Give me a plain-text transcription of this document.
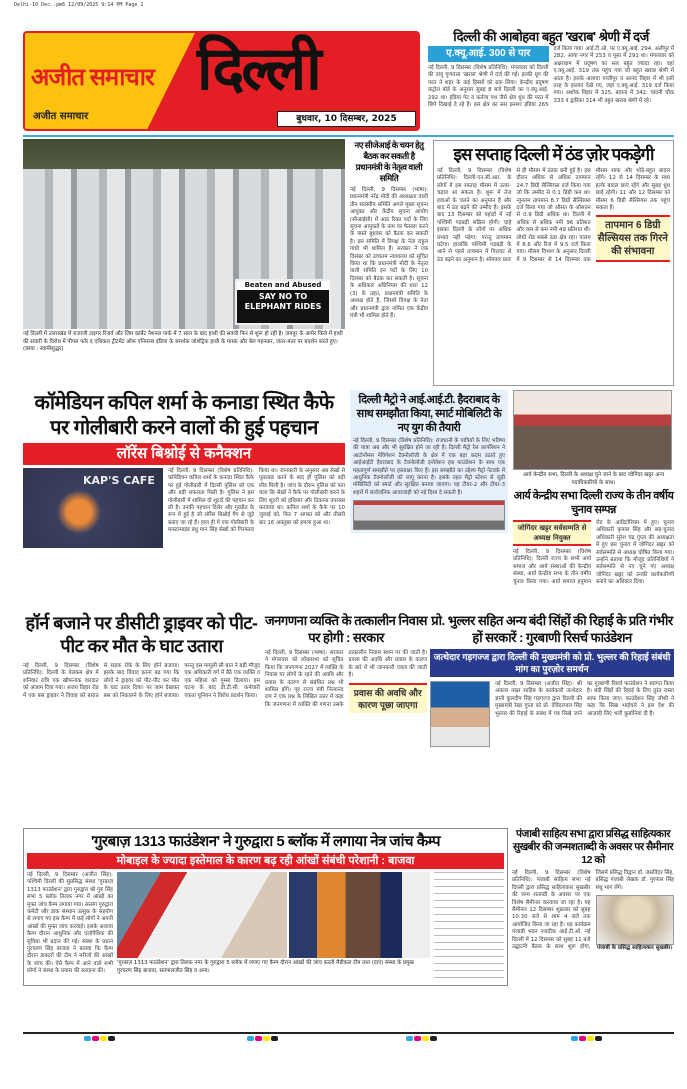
Delhi-10 Dec..pm6 12/09/2025 9:14 PM Page 1
अजीत समाचार
अजीत समाचार
दिल्ली
बुधवार, 10 दिसम्बर, 2025
दिल्ली की आबोहवा बहुत 'खराब' श्रेणी में दर्ज
ए.क्यू.आई. 300 से पार
नई दिल्ली, 9 दिसम्बर (विशेष प्रतिनिधि): मंगलवार को दिल्ली की वायु गुणवत्ता 'खराब' श्रेणी में दर्ज की गई। हल्की धूप की परत ने शहर के कई हिस्सों को ढक लिया। केन्द्रीय प्रदूषण कंट्रोल बोर्ड के अनुसार सुबह 8 बजे दिल्ली का ए.क्यू.आई. 292 था। इंडिया गेट व कर्तव्य पथ जैसे क्षेत्र धुंध की परत में छिपे दिखाई दे रहे हैं। इस क्षेत्र का स्तर क्रमशः इंडिया 265 दर्ज किया गया। आई.टी.ओ. पर ए.क्यू.आई. 294, अलीपुर में 282, आया नगर में 253 व पूसा में 291 था। मंगलवार को अक्षरधाम में प्रदूषण का स्तर बहुत ज्यादा रहा। वहां ए.क्यू.आई. 319 तक पहुंच गया जो बहुत खराब श्रेणी में आता है। इसके अलावा गाजीपुर व आनंद विहार में भी इसी तरह के हालात देखे गए, जहां ए.क्यू.आई. 319 दर्ज किया गया। अशोक विहार में 325, बवाना में 342, चांदनी चौक 333 व द्वारिका 314 भी बहुत खराब श्रेणी में रहे।
Beaten and Abused
SAY NO TO ELEPHANT RIDES
नई दिल्ली में उत्तराखंड में राजाजी टाइगर रिजर्व और जिम कार्बेट नैशनल पार्क में 7 साल के बाद हाथी की सवारी फिर से शुरू हो रही है। जयपुर के आमेर किले में हाथी की सवारी के विरोध में पीपल फॉर द एथिकल ट्रीटमेंट ऑफ एनिमल्स इंडिया के समर्थक जोशेट्रिक हाथी के मास्क और बेल पहनकर, जंतर-मंतर पर प्रदर्शन करते हुए। (छाया : स्वामीशुद्धर)
नए सीजेआई के चयन हेतु बैठक कर सकती है प्रधानमंत्री के नेतृत्व वाली समिति
नई दिल्ली, 9 दिसम्बर (भाषा): प्रधानमंत्री नरेंद्र मोदी की अध्यक्षता वाली तीन सदस्यीय समिति अगले मुख्य सूचना आयुक्त और केंद्रीय सूचना आयोग (सीआईसी) में आठ रिक्त पदों के लिए सूचना आयुक्तों के नाम पर फैसला करने के वास्ते बुधवार को बैठक कर सकती है। इस समिति में विपक्ष के नेता राहुल गांधी भी शामिल हैं। सरकार ने एक दिसंबर को उच्चतम न्यायालय को सूचित किया था कि प्रधानमंत्री मोदी के नेतृत्व वाली समिति इन पदों के लिए 10 दिसंबर को बैठक कर सकती है। सूचना के अधिकार अधिनियम की धारा 12 (3) के तहत, प्रधानमंत्री समिति के अध्यक्ष होते हैं, जिसमें विपक्ष के नेता और प्रधानमंत्री द्वारा नामित एक केंद्रीय मंत्री भी शामिल होते हैं।
इस सप्ताह दिल्ली में ठंड ज़ोर पकड़ेगी
नई दिल्ली, 9 दिसम्बर (विशेष प्रतिनिधि): दिल्ली-एन.सी.आर. के लोगों में इस सप्ताह मौसम में उतार-चढ़ाव आ सकता है। शुरू में तेज हवाओं के चलने का अनुमान है और बाद में ठंड बढ़ने की उम्मीद है। इसके बाद 13 दिसम्बर को पहाड़ों में नई पश्चिमी गड़बड़ी सक्रिय होगी। चाहे इसका दिल्ली के लोगों पर अधिक प्रभाव नहीं पड़ेगा; परन्तु तापमान घटेगा। हालांकि पश्चिमी गड़बड़ी के आने से पहले तापमान में गिरावट से ठंड बढ़ने का अनुमान है। सोमवार प्रातः से ही मौसम में ठंडक बनी हुई है। इस दौरान अधिक से अधिक तापमान 24.7 डिग्री सैल्सियस दर्ज किया गया जो कि उम्मीद से 0.1 डिग्री कम था। न्यूनतम तापमान 8.7 डिग्री सैल्सियस दर्ज किया गया जो औसत के औसतन से 0.9 डिग्री अधिक था। दिल्ली में अधिक से अधिक नमी 96 प्रतिशत और कम से कम नमी 49 प्रतिशत थी। लोधी रोड सबसे ठंडा क्षेत्र रहा। पालम में 8.6 और रिज में 9.5 दर्ज किया गया। मौसम विभाग के अनुसार दिल्ली में 9 दिसम्बर से 14 दिसम्बर तक मौसम साफ और थोड़े-बहुत बादल रहेंगे। 12 से 14 दिसम्बर के मध्य हल्के बादल छाए रहेंगे और सुबह धुंध छाई रहेगी। 11 और 12 दिसम्बर को मौसम 6 डिग्री सैल्सियस तक पहुंच सकता है।
तापमान 6 डिग्री सैल्सियस तक गिरने की संभावना
कॉमेडियन कपिल शर्मा के कनाडा स्थित कैफे पर गोलीबारी करने वालों की हुई पहचान
लॉरेंस बिश्नोई से कनैक्शन
KAP'S CAFE
नई दिल्ली, 9 दिसम्बर (विशेष प्रतिनिधि): कॉमेडियन कपिल शर्मा के कनाडा स्थित कैफे पर हुई गोलीबारी में दिल्ली पुलिस को एक और बड़ी सफलता मिली है। पुलिस ने इस गोलीबारी में शामिल दो शूटरों की पहचान कर ली है। उनकी पहचान दिलेर और गुरप्रीत के रूप में हुई है जो लॉरेंस बिश्नोई गैंग से जुड़े बताए जा रहे हैं। हाल ही में एक गोलीबारी के मास्टरमाइंड बंधु मान सिंह सेखों को गिरफ्तार किया था। जानकारी के अनुसार अब सेखों से पूछताछ करने के बाद ही पुलिस को बड़ी लीड मिली है। जांच के दौरान पुलिस को पता चला कि सेखों ने कैफे पर गोलीबारी करने के लिए शूटरों को हथियार और ठिकाना उपलब्ध करवाया था। कपिल शर्मा के कैफे पर 10 जुलाई को, फिर 7 अगस्त को और तीसरी बार 16 अक्तूबर को हमला हुआ था।
दिल्ली मैट्रो ने आई.आई.टी. हैदराबाद के साथ समझौता किया, स्मार्ट मोबिलिटी के नए युग की तैयारी
नई दिल्ली, 9 दिसम्बर (विशेष प्रतिनिधि): राजधानी के यात्रियों के लिए भविष्य की यात्रा अब और भी सुरक्षित होने जा रही है। दिल्ली मैट्रो रेल कार्पोरेशन ने आटोनोमस नेविगेशन टैक्नोलॉजी के क्षेत्र में एक बड़ा कदम उठाते हुए आईआईटी हैदराबाद के टैक्नोलॉजी इनोवेशन हब फाउंडेशन के साथ एक महत्वपूर्ण समझौते पर हस्ताक्षर किए हैं। इस समझौते का उद्देश्य मैट्रो नेटवर्क में आधुनिक टैक्नोलॉजी को लागू करना है। इसके तहत मैट्रो स्टेशन से जुड़ी मोबिलिटी को स्मार्ट और सुरक्षित बनाया जाएगा। यह टीयर-2 और टीयर-3 शहरों में सार्वजनिक आवाजाही को नई दिशा दे सकती है।
आर्य केन्द्रीय सभा, दिल्ली के अध्यक्ष चुने जाने के बाद जोगिंदर खट्टर अन्य पदाधिकारियों के साथ।
आर्य केन्द्रीय सभा दिल्ली राज्य के तीन वर्षीय चुनाव सम्पन्न
जोगिंदर खट्टर सर्वसम्मति से अध्यक्ष नियुक्त
नई दिल्ली, 9 दिसम्बर (विशेष प्रतिनिधि): दिल्ली राज्य के सभी आर्य समाज और आर्य संस्थाओं की केन्द्रीय संस्था, आर्य केन्द्रीय सभा के तीन वर्षीय चुनाव किया गया। आर्य समाज हनुमान रोड के आडिटोरियम में हुए। चुनाव अधिकारी कृपाल सिंह और सह-चुनाव अधिकारी सुरेश चंद्र गुप्ता की अध्यक्षता में हुए इस चुनाव में जोगिंदर खट्टर को सर्वसम्मति से अध्यक्ष घोषित किया गया। उन्होंने बताया कि मौजूद प्रतिनिधियों ने सर्वसम्मति से नए चुने गए अध्यक्ष जोगिंदर खट्टर को उनकी कार्यकारिणी बनाने का अधिकार दिया।
हॉर्न बजाने पर डीसीटी ड्राइवर को पीट-पीट कर मौत के घाट उतारा
नई दिल्ली, 9 दिसम्बर (विशेष प्रतिनिधि): दिल्ली के वेलकम क्षेत्र में शनिवार रात्रि एक खौफनाक वारदात को अंजाम दिया गया। अजय विहार रोड में एक बस ड्राइवर ने विवाह को बारात से सड़क रोके के लिए हॉर्न बजाया। इसके बाद विवाद इतना बढ़ गया कि लोगों ने ड्राइवर को पीट-पीट कर मौत के घाट उतार दिया। पर जाम देखकर बस को निकालने के लिए हॉर्न बजाया। परन्तु इस मामूली सी बात ने बड़ी मौजूद एक अधिकारी वर्ग में बैठे एक व्यक्ति व एक महिला को गुस्सा दिलाया। इस घटना के बाद डी.टी.सी. कर्मचारी एकता यूनियन ने विरोध प्रदर्शन किया।
जनगणना व्यक्ति के तत्कालीन निवास पर होगी : सरकार
नई दिल्ली, 9 दिसम्बर (भाषा): सरकार ने मंगलवार को लोकसभा को सूचित किया कि जनगणना 2027 में व्यक्ति के निवास पर लोगों के रहने की अवधि और प्रवास के कारण से संबंधित प्रश्न भी शामिल होंगे। गृह राज्य मंत्री नित्यानंद राय ने एक प्रश्न के लिखित उत्तर में कहा कि जनगणना में व्यक्ति की गणना उसके तत्कालीन निवास स्थान पर की जाती है। प्रवास की अवधि और प्रवास के कारण के बारे में भी जानकारी एकत्र की जाती है।
प्रवास की अवधि और कारण पूछा जाएगा
प्रो. भुल्लर सहित अन्य बंदी सिंहों की रिहाई के प्रति गंभीर हों सरकारें : गुरबाणी रिसर्च फाउंडेशन
जत्थेदार गड़गज्ज द्वारा दिल्ली की मुख्यमंत्री को प्रो. भुल्लर की रिहाई संबंधी मांग का पुरज़ोर समर्थन
नई दिल्ली, 9 दिसम्बर (अजीत सिंह): श्री अकाल तख्त साहिब के कार्यकारी जत्थेदार ज्ञानी कुलदीप सिंह गड़गज्ज द्वारा दिल्ली की मुख्यमंत्री रेखा गुप्ता को प्रो. देविंदरपाल सिंह भुल्लर की रिहाई के संबंध में पत्र लिखे जाने का गुरबाणी रिसर्च फाउंडेशन ने स्वागत किया है। बंदी सिंहों की रिहाई के लिए तुरंत रास्ता साफ किया जाए। फाउंडेशन सिंह जोशी ने कहा कि सिख भाईचारे ने इस देश की आज़ादी लिए भारी कुर्बानियां दी हैं।
'गुरबाज़ 1313 फाउंडेशन' ने गुरुद्वारा 5 ब्लॉक में लगाया नेत्र जांच कैम्प
मोबाइल के ज्यादा इस्तेमाल के कारण बढ़ रही आंखों संबंधी परेशानी : बाजवा
नई दिल्ली, 9 दिसम्बर (अजीत सिंह): पश्चिमी दिल्ली की सुप्रसिद्ध संस्था 'गुरबाज़ 1313 फाउंडेशन' द्वारा गुरुद्वारा श्री गुरु सिंह सभा 5 ब्लॉक तिलक नगर में आंखों का मुफ्त जांच कैम्प लगाया गया। सत्संग गुरुद्वारा कमेटी और डाक संस्थान उत्सुक के सहयोग से लगाए गए इस कैम्प में कई लोगों ने अपनी आंखों की मुफ्त जांच करवाई। इसके अलावा कैम्प दौरान आधुनिक और एलोपैथिक की सुविधा भी प्रदान की गई। संस्था के प्रधान गुरचरण सिंह बाजवा ने बताया कि कैम्प दौरान डाक्टरों की टीम ने मरीजों की आंखों के जांच की। ऐसे कैम्प में आने वाले सभी लोगों ने संस्था के प्रयास की सराहना की।
'गुरबाज़ 1313 फाउंडेशन' द्वारा तिलक नगर के गुरुद्वारा 5 ब्लॉक में लगाए गए कैम्प दौरान आंखों की जांच करती मैडीकल टीम तथा (दाएं) संस्था के प्रमुख गुरचरण सिंह बाजवा, सतपालजीत सिंह व अन्य।
पंजाबी साहित्य सभा द्वारा प्रसिद्ध साहित्यकार सुखबीर की जन्मशताब्दी के अवसर पर सैमीनार 12 को
नई दिल्ली, 9 दिसम्बर (विशेष प्रतिनिधि): पंजाबी साहित्य सभा नई दिल्ली द्वारा प्रसिद्ध साहित्यकार सुखबीर की जन्म शताब्दी के अवसर पर एक विशेष सैमीनार करवाया जा रहा है। यह सैमीनार 12 दिसम्बर शुक्रवार को सुबह 10:30 बजे से शाम 4 बजे तक आयोजित किया जा रहा है। यह कार्यक्रम पंजाबी भवन नजदीक आई.टी.ओ. नई दिल्ली में 12 दिसम्बर को सुबह 11 बजे उद्घाटनी बैठक के साथ शुरू होगा, जिसमें प्रसिद्ध विद्वान डॉ. जसविंदर सिंह, प्रसिद्ध पंजाबी लेखक डॉ. गुरपाल सिंह संधू भाग लेंगे।
पंजाबी के प्रसिद्ध साहित्यकार सुखबीर।
